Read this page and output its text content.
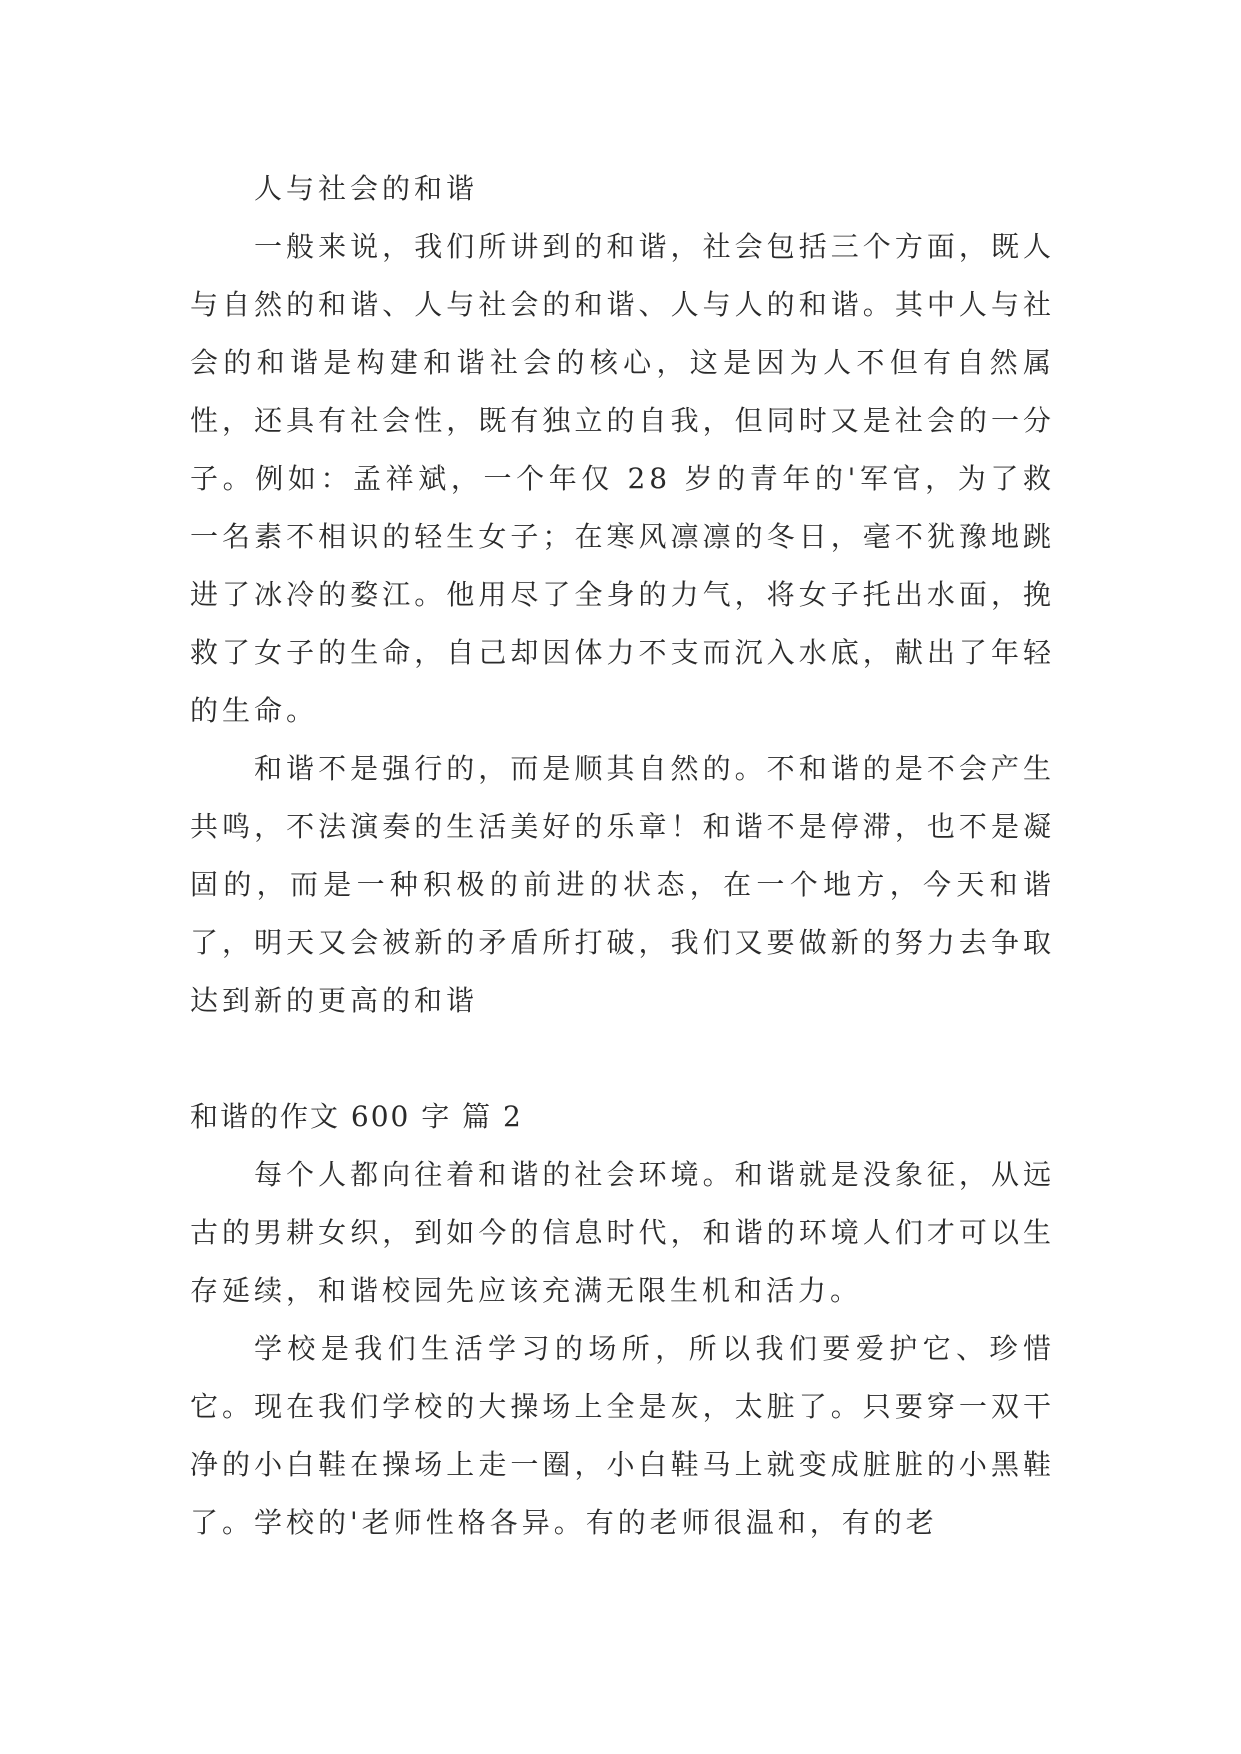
人与社会的和谐

一般来说，我们所讲到的和谐，社会包括三个方面，既人与自然的和谐、人与社会的和谐、人与人的和谐。其中人与社会的和谐是构建和谐社会的核心，这是因为人不但有自然属性，还具有社会性，既有独立的自我，但同时又是社会的一分子。例如：孟祥斌，一个年仅 28 岁的青年的'军官，为了救一名素不相识的轻生女子；在寒风凛凛的冬日，毫不犹豫地跳进了冰冷的婺江。他用尽了全身的力气，将女子托出水面，挽救了女子的生命，自己却因体力不支而沉入水底，献出了年轻的生命。

和谐不是强行的，而是顺其自然的。不和谐的是不会产生共鸣，不法演奏的生活美好的乐章！和谐不是停滞，也不是凝固的，而是一种积极的前进的状态，在一个地方，今天和谐了，明天又会被新的矛盾所打破，我们又要做新的努力去争取达到新的更高的和谐

和谐的作文 600 字 篇 2

每个人都向往着和谐的社会环境。和谐就是没象征，从远古的男耕女织，到如今的信息时代，和谐的环境人们才可以生存延续，和谐校园先应该充满无限生机和活力。

学校是我们生活学习的场所，所以我们要爱护它、珍惜它。现在我们学校的大操场上全是灰，太脏了。只要穿一双干净的小白鞋在操场上走一圈，小白鞋马上就变成脏脏的小黑鞋了。学校的'老师性格各异。有的老师很温和，有的老
